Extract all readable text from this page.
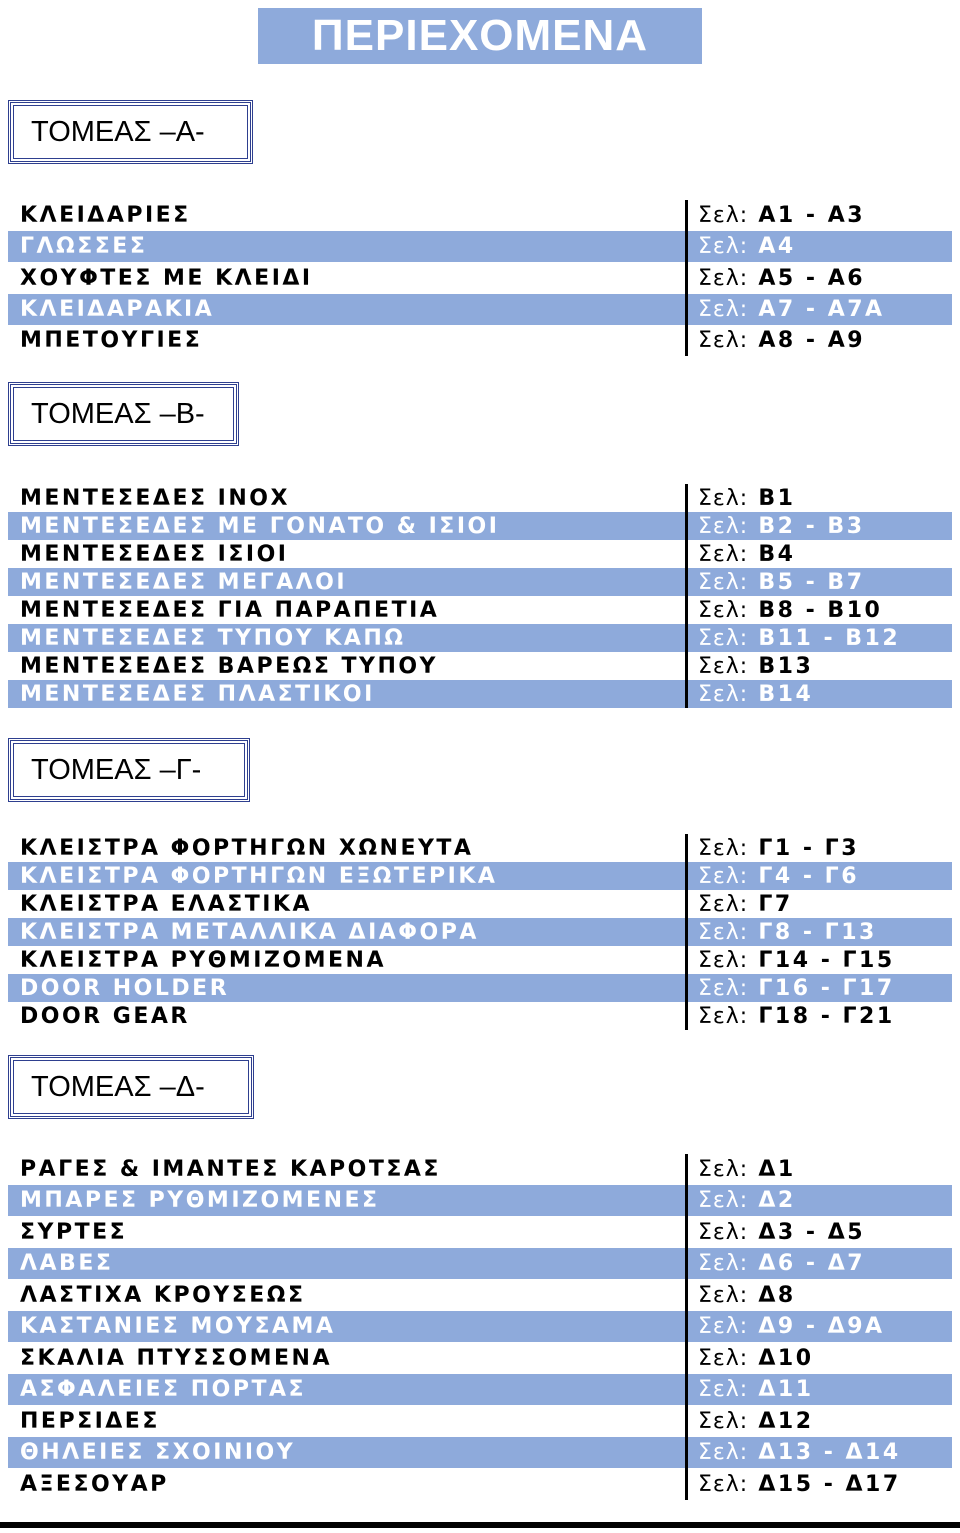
ΠΕΡΙΕΧΟΜΕΝΑ
ΤΟΜΕΑΣ –Α-
ΚΛΕΙΔΑΡΙΕΣ	Σελ: Α1 - Α3
ΓΛΩΣΣΕΣ	Σελ: Α4
ΧΟΥΦΤΕΣ ΜΕ ΚΛΕΙΔΙ	Σελ: Α5 - Α6
ΚΛΕΙΔΑΡΑΚΙΑ	Σελ: Α7 - Α7Α
ΜΠΕΤΟΥΓΙΕΣ	Σελ: Α8 - Α9
ΤΟΜΕΑΣ –Β-
ΜΕΝΤΕΣΕΔΕΣ ΙΝΟΧ	Σελ: Β1
ΜΕΝΤΕΣΕΔΕΣ ΜΕ ΓΟΝΑΤΟ & ΙΣΙΟΙ	Σελ: Β2 - Β3
ΜΕΝΤΕΣΕΔΕΣ ΙΣΙΟΙ	Σελ: Β4
ΜΕΝΤΕΣΕΔΕΣ ΜΕΓΑΛΟΙ	Σελ: Β5 - Β7
ΜΕΝΤΕΣΕΔΕΣ ΓΙΑ ΠΑΡΑΠΕΤΙΑ	Σελ: Β8 - Β10
ΜΕΝΤΕΣΕΔΕΣ ΤΥΠΟΥ ΚΑΠΩ	Σελ: Β11 - Β12
ΜΕΝΤΕΣΕΔΕΣ ΒΑΡΕΩΣ ΤΥΠΟΥ	Σελ: Β13
ΜΕΝΤΕΣΕΔΕΣ ΠΛΑΣΤΙΚΟΙ	Σελ: Β14
ΤΟΜΕΑΣ –Γ-
ΚΛΕΙΣΤΡΑ ΦΟΡΤΗΓΩΝ ΧΩΝΕΥΤΑ	Σελ: Γ1 - Γ3
ΚΛΕΙΣΤΡΑ ΦΟΡΤΗΓΩΝ ΕΞΩΤΕΡΙΚΑ	Σελ: Γ4 - Γ6
ΚΛΕΙΣΤΡΑ ΕΛΑΣΤΙΚΑ	Σελ: Γ7
ΚΛΕΙΣΤΡΑ ΜΕΤΑΛΛΙΚΑ ΔΙΑΦΟΡΑ	Σελ: Γ8 - Γ13
ΚΛΕΙΣΤΡΑ ΡΥΘΜΙΖΟΜΕΝΑ	Σελ: Γ14 - Γ15
DOOR HOLDER	Σελ: Γ16 - Γ17
DOOR GEAR	Σελ: Γ18 - Γ21
ΤΟΜΕΑΣ –Δ-
ΡΑΓΕΣ & ΙΜΑΝΤΕΣ ΚΑΡΟΤΣΑΣ	Σελ: Δ1
ΜΠΑΡΕΣ ΡΥΘΜΙΖΟΜΕΝΕΣ	Σελ: Δ2
ΣΥΡΤΕΣ	Σελ: Δ3 - Δ5
ΛΑΒΕΣ	Σελ: Δ6 - Δ7
ΛΑΣΤΙΧΑ ΚΡΟΥΣΕΩΣ	Σελ: Δ8
ΚΑΣΤΑΝΙΕΣ ΜΟΥΣΑΜΑ	Σελ: Δ9 - Δ9Α
ΣΚΑΛΙΑ ΠΤΥΣΣΟΜΕΝΑ	Σελ: Δ10
ΑΣΦΑΛΕΙΕΣ ΠΟΡΤΑΣ	Σελ: Δ11
ΠΕΡΣΙΔΕΣ	Σελ: Δ12
ΘΗΛΕΙΕΣ ΣΧΟΙΝΙΟΥ	Σελ: Δ13 - Δ14
ΑΞΕΣΟΥΑΡ	Σελ: Δ15 - Δ17
